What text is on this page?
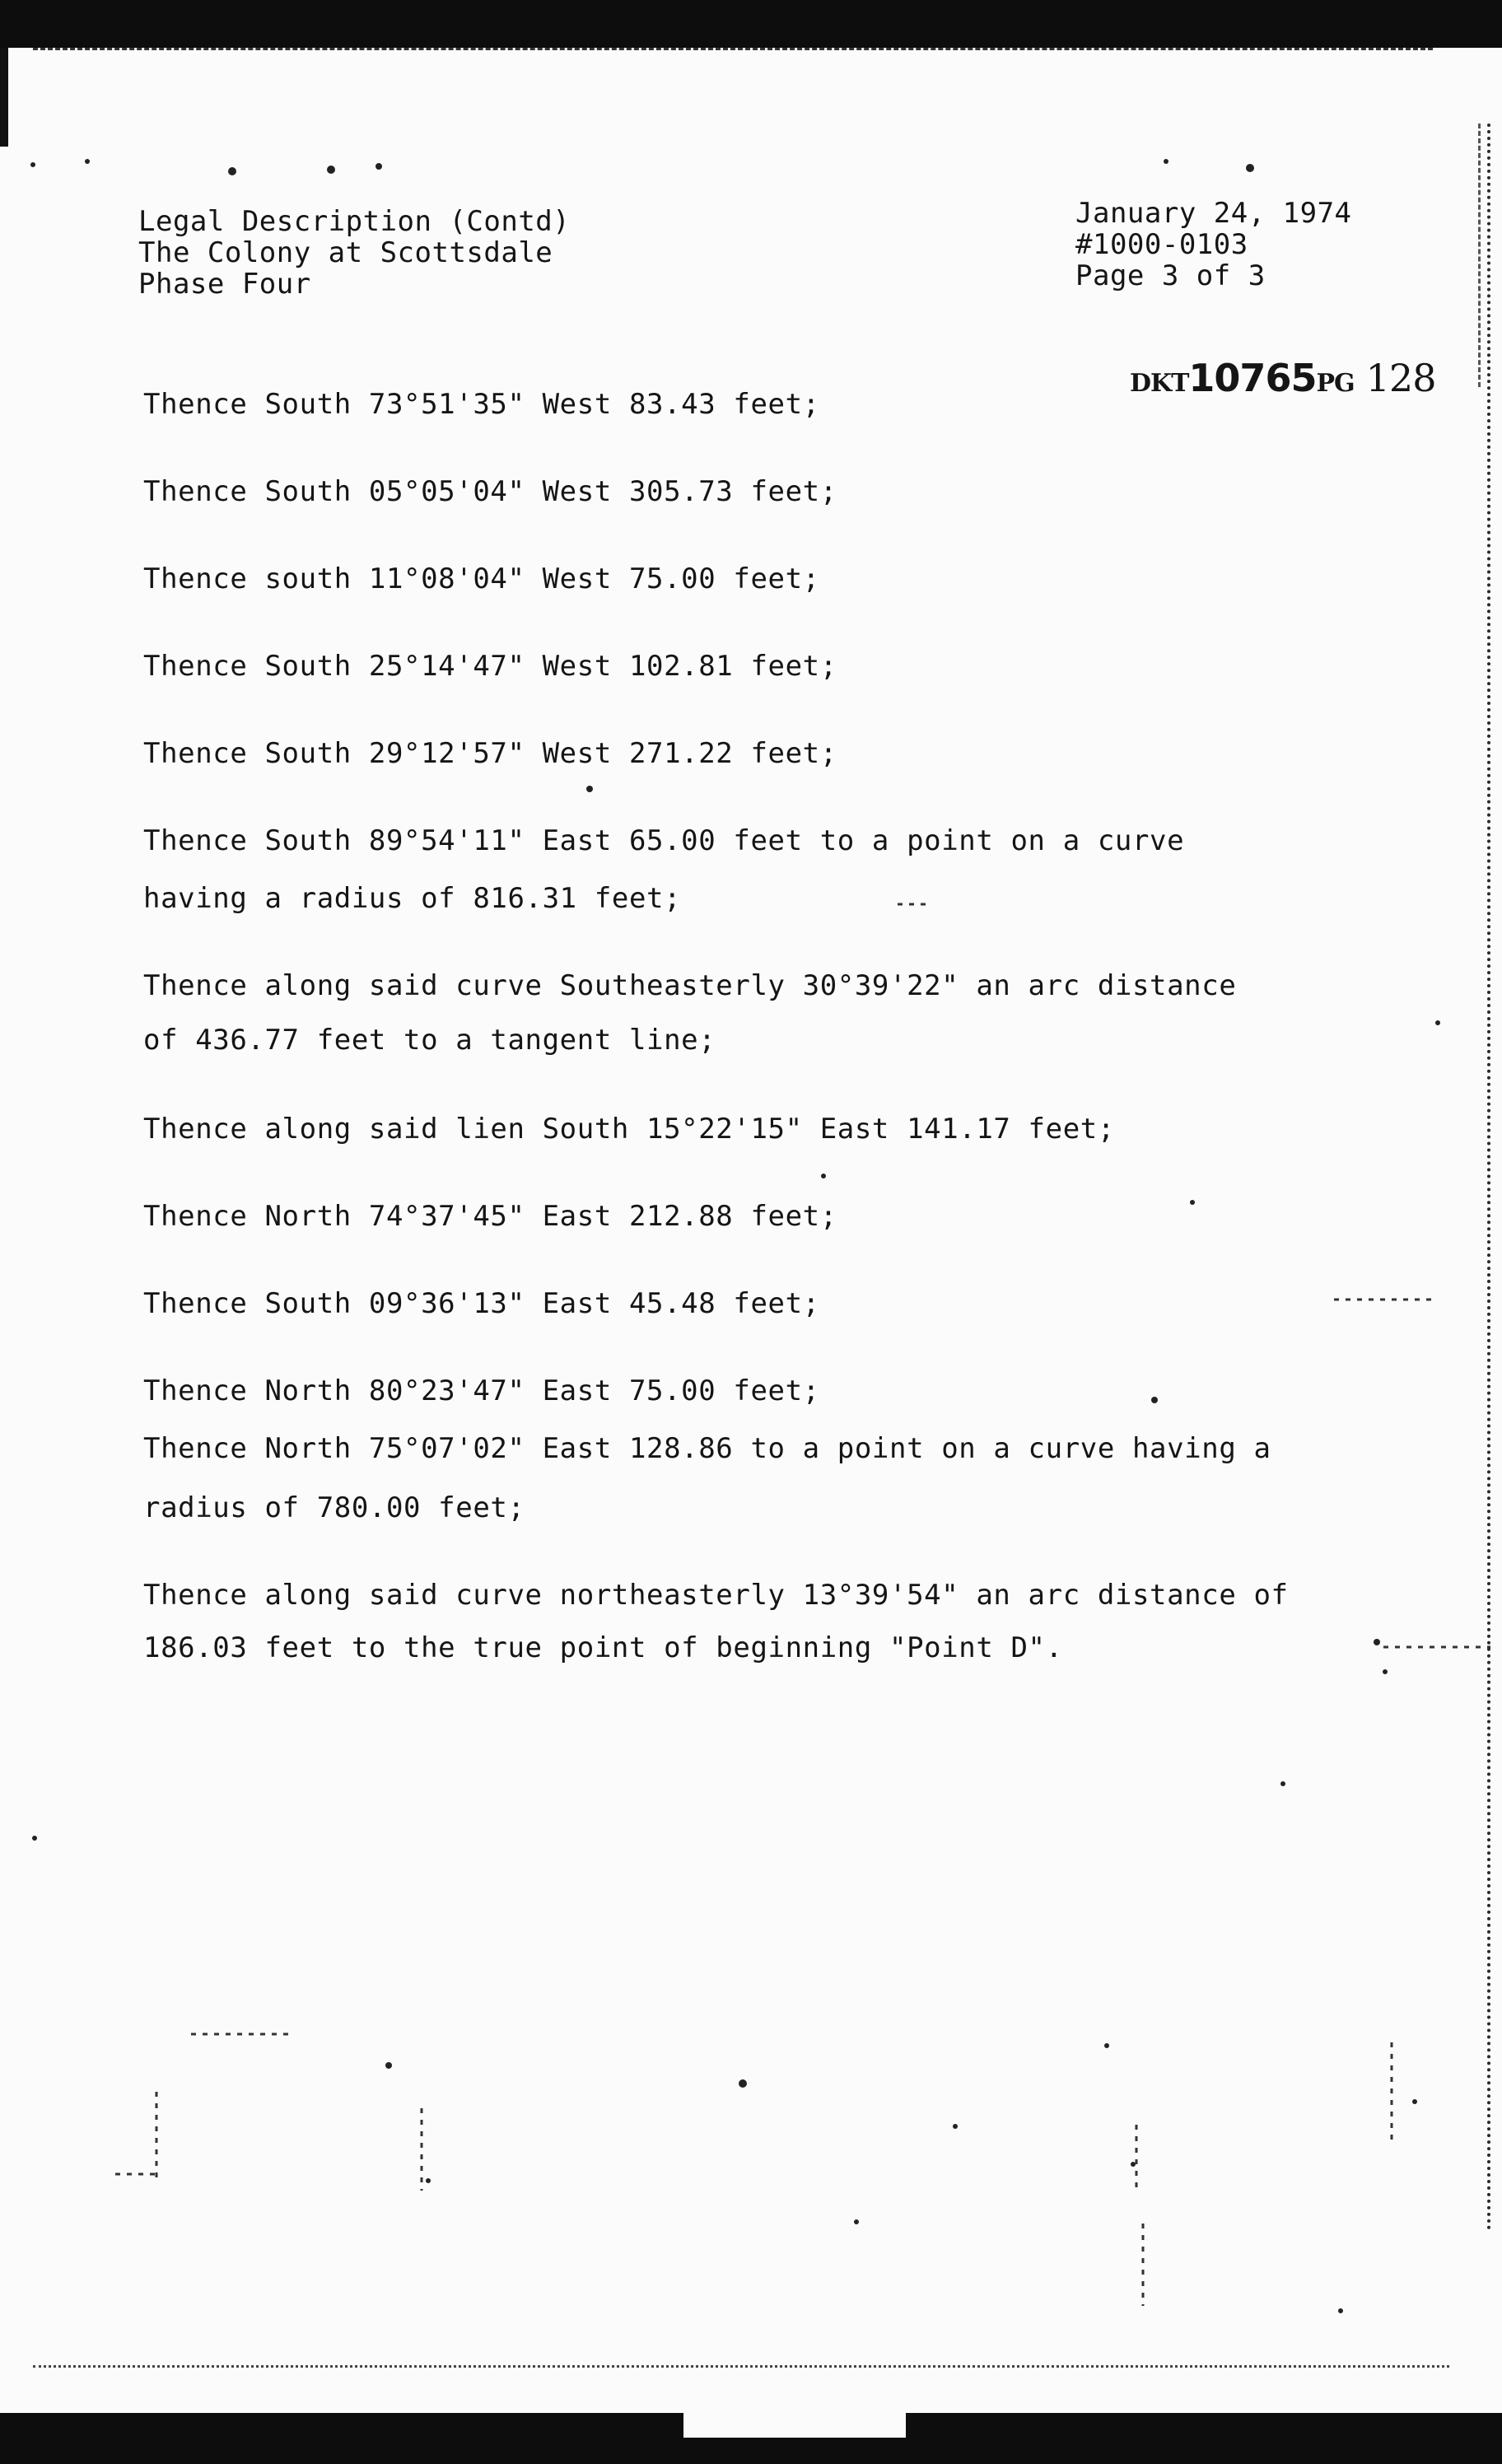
Legal Description (Contd)
The Colony at Scottsdale
Phase Four
January 24, 1974
#1000-0103
Page 3 of 3
DKT10765PG 128
Thence South 73°51'35" West 83.43 feet;
Thence South 05°05'04" West 305.73 feet;
Thence south 11°08'04" West 75.00 feet;
Thence South 25°14'47" West 102.81 feet;
Thence South 29°12'57" West 271.22 feet;
Thence South 89°54'11" East 65.00 feet to a point on a curve
having a radius of 816.31 feet;
Thence along said curve Southeasterly 30°39'22" an arc distance
of 436.77 feet to a tangent line;
Thence along said lien South 15°22'15" East 141.17 feet;
Thence North 74°37'45" East 212.88 feet;
Thence South 09°36'13" East 45.48 feet;
Thence North 80°23'47" East 75.00 feet;
Thence North 75°07'02" East 128.86 to a point on a curve having a
radius of 780.00 feet;
Thence along said curve northeasterly 13°39'54" an arc distance of
186.03 feet to the true point of beginning "Point D".
